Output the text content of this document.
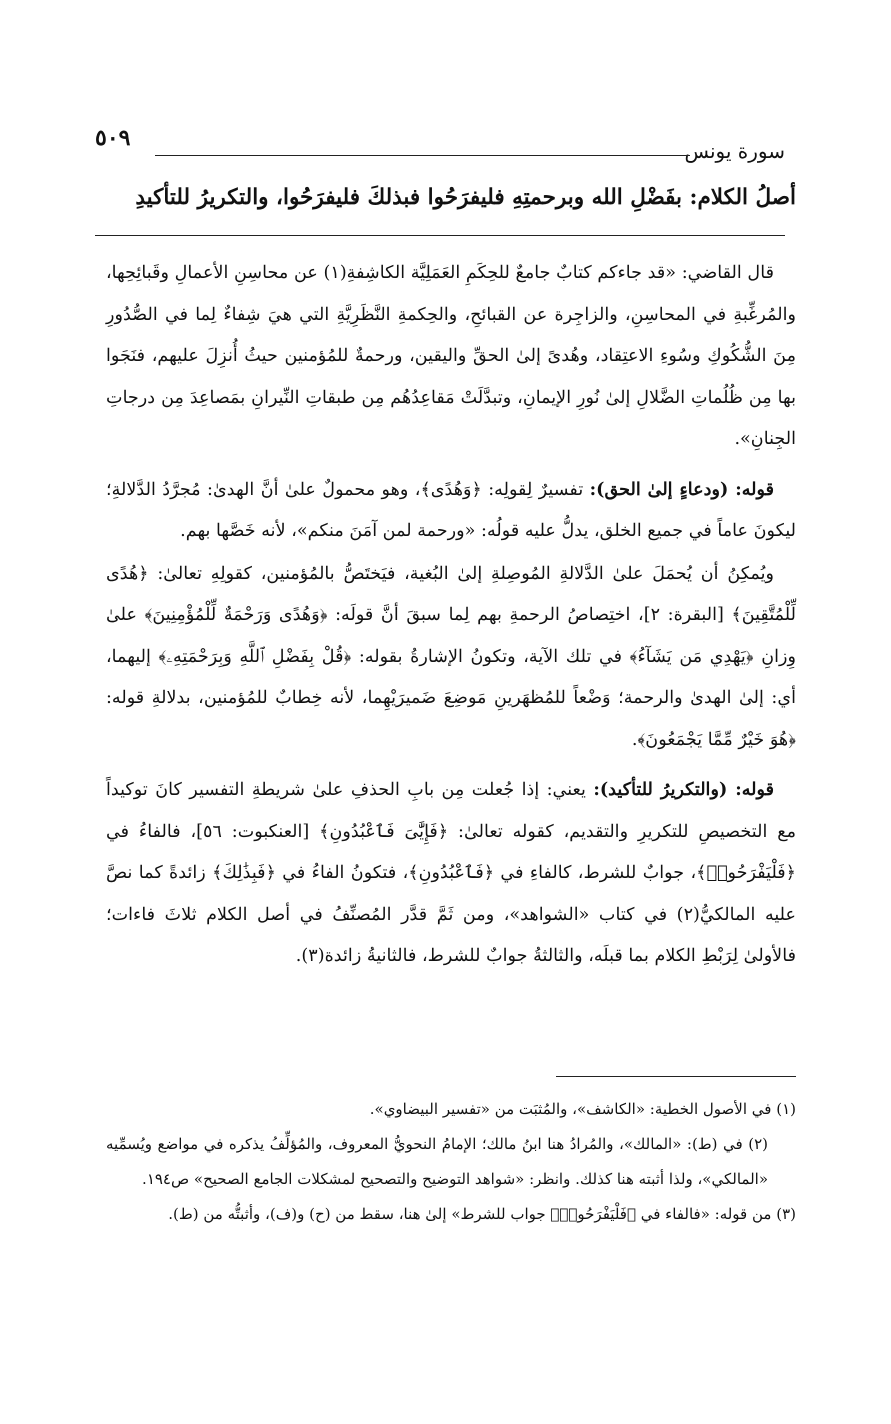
سورة يونس
٥٠٩
أصلُ الكلام: بفَضْلِ الله وبرحمتِهِ فليفرَحُوا فبذلكَ فليفرَحُوا، والتكريرُ للتأكيدِ

قال القاضي: «قد جاءكم كتابٌ جامعٌ للحِكَمِ العَمَلِيَّة الكاشِفةِ(١) عن محاسِنِ الأعمالِ وقَبائِحِها، والمُرغِّبةِ في المحاسِنِ، والزاجِرة عن القبائحِ، والحِكمةِ النَّظَرِيَّةِ التي هيَ شِفاءٌ لِما في الصُّدُورِ مِنَ الشُّكُوكِ وسُوءِ الاعتِقاد، وهُدىً إلىٰ الحقِّ واليقين، ورحمةٌ للمُؤمنين حيثُ أُنزِلَ عليهم، فنَجَوا بها مِن ظُلُماتِ الضَّلالِ إلىٰ نُورِ الإيمانِ، وتبدَّلَتْ مَقاعِدُهُم مِن طبقاتِ النِّيرانِ بمَصاعِدَ مِن درجاتِ الجِنانِ».

قوله: (ودعاءٍ إلىٰ الحق): تفسيرٌ لِقولِه: ﴿وَهُدًى﴾، وهو محمولٌ علىٰ أنَّ الهدىٰ: مُجرَّدُ الدَّلالةِ؛ ليكونَ عاماً في جميع الخلق، يدلُّ عليه قولُه: «ورحمة لمن آمَنَ منكم»، لأنه خَصَّها بهم.

ويُمكِنُ أن يُحمَلَ علىٰ الدَّلالةِ المُوصِلةِ إلىٰ البُغية، فيَختَصُّ بالمُؤمنين، كقولِهِ تعالىٰ: ﴿هُدًى لِّلْمُتَّقِينَ﴾ [البقرة: ٢]، اختِصاصُ الرحمةِ بهم لِما سبقَ أنَّ قولَه: ﴿وَهُدًى وَرَحْمَةٌ لِّلْمُؤْمِنِينَ﴾ علىٰ وِزانِ ﴿يَهْدِي مَن يَشَآءُ﴾ في تلك الآية، وتكونُ الإشارةُ بقوله: ﴿قُلْ بِفَضْلِ ٱللَّهِ وَبِرَحْمَتِهِۦ﴾ إليهما، أي: إلىٰ الهدىٰ والرحمة؛ وَضْعاً للمُظهَرينِ مَوضِعَ ضَميرَيْهِما، لأنه خِطابٌ للمُؤمنين، بدلالةِ قوله: ﴿هُوَ خَيْرٌ مِّمَّا يَجْمَعُونَ﴾.

قوله: (والتكريرُ للتأكيد): يعني: إذا جُعلت مِن بابِ الحذفِ علىٰ شريطةِ التفسير كانَ توكيداً مع التخصيصِ للتكريرِ والتقديم، كقوله تعالىٰ: ﴿فَإِيَّٰىَ فَٱعْبُدُونِ﴾ [العنكبوت: ٥٦]، فالفاءُ في ﴿فَلْيَفْرَحُوا۟﴾، جوابٌ للشرط، كالفاءِ في ﴿فَٱعْبُدُونِ﴾، فتكونُ الفاءُ في ﴿فَبِذَٰلِكَ﴾ زائدةً كما نصَّ عليه المالكيُّ(٢) في كتاب «الشواهد»، ومن ثَمَّ قدَّر المُصنِّفُ في أصل الكلام ثلاثَ فاءات؛ فالأولىٰ لِرَبْطِ الكلام بما قبلَه، والثالثةُ جوابٌ للشرط، فالثانيةُ زائدة(٣).

(١) في الأصول الخطية: «الكاشف»، والمُثبَت من «تفسير البيضاوي».

(٢) في (ط): «المالك»، والمُرادُ هنا ابنُ مالك؛ الإمامُ النحويُّ المعروف، والمُؤلِّفُ يذكره في مواضع ويُسمِّيه «المالكي»، ولذا أثبته هنا كذلك. وانظر: «شواهد التوضيح والتصحيح لمشكلات الجامع الصحيح» ص١٩٤.

(٣) من قوله: «فالفاء في ﴿فَلْيَفْرَحُوا۟﴾ جواب للشرط» إلىٰ هنا، سقط من (ح) و(ف)، وأثبتُّه من (ط).
